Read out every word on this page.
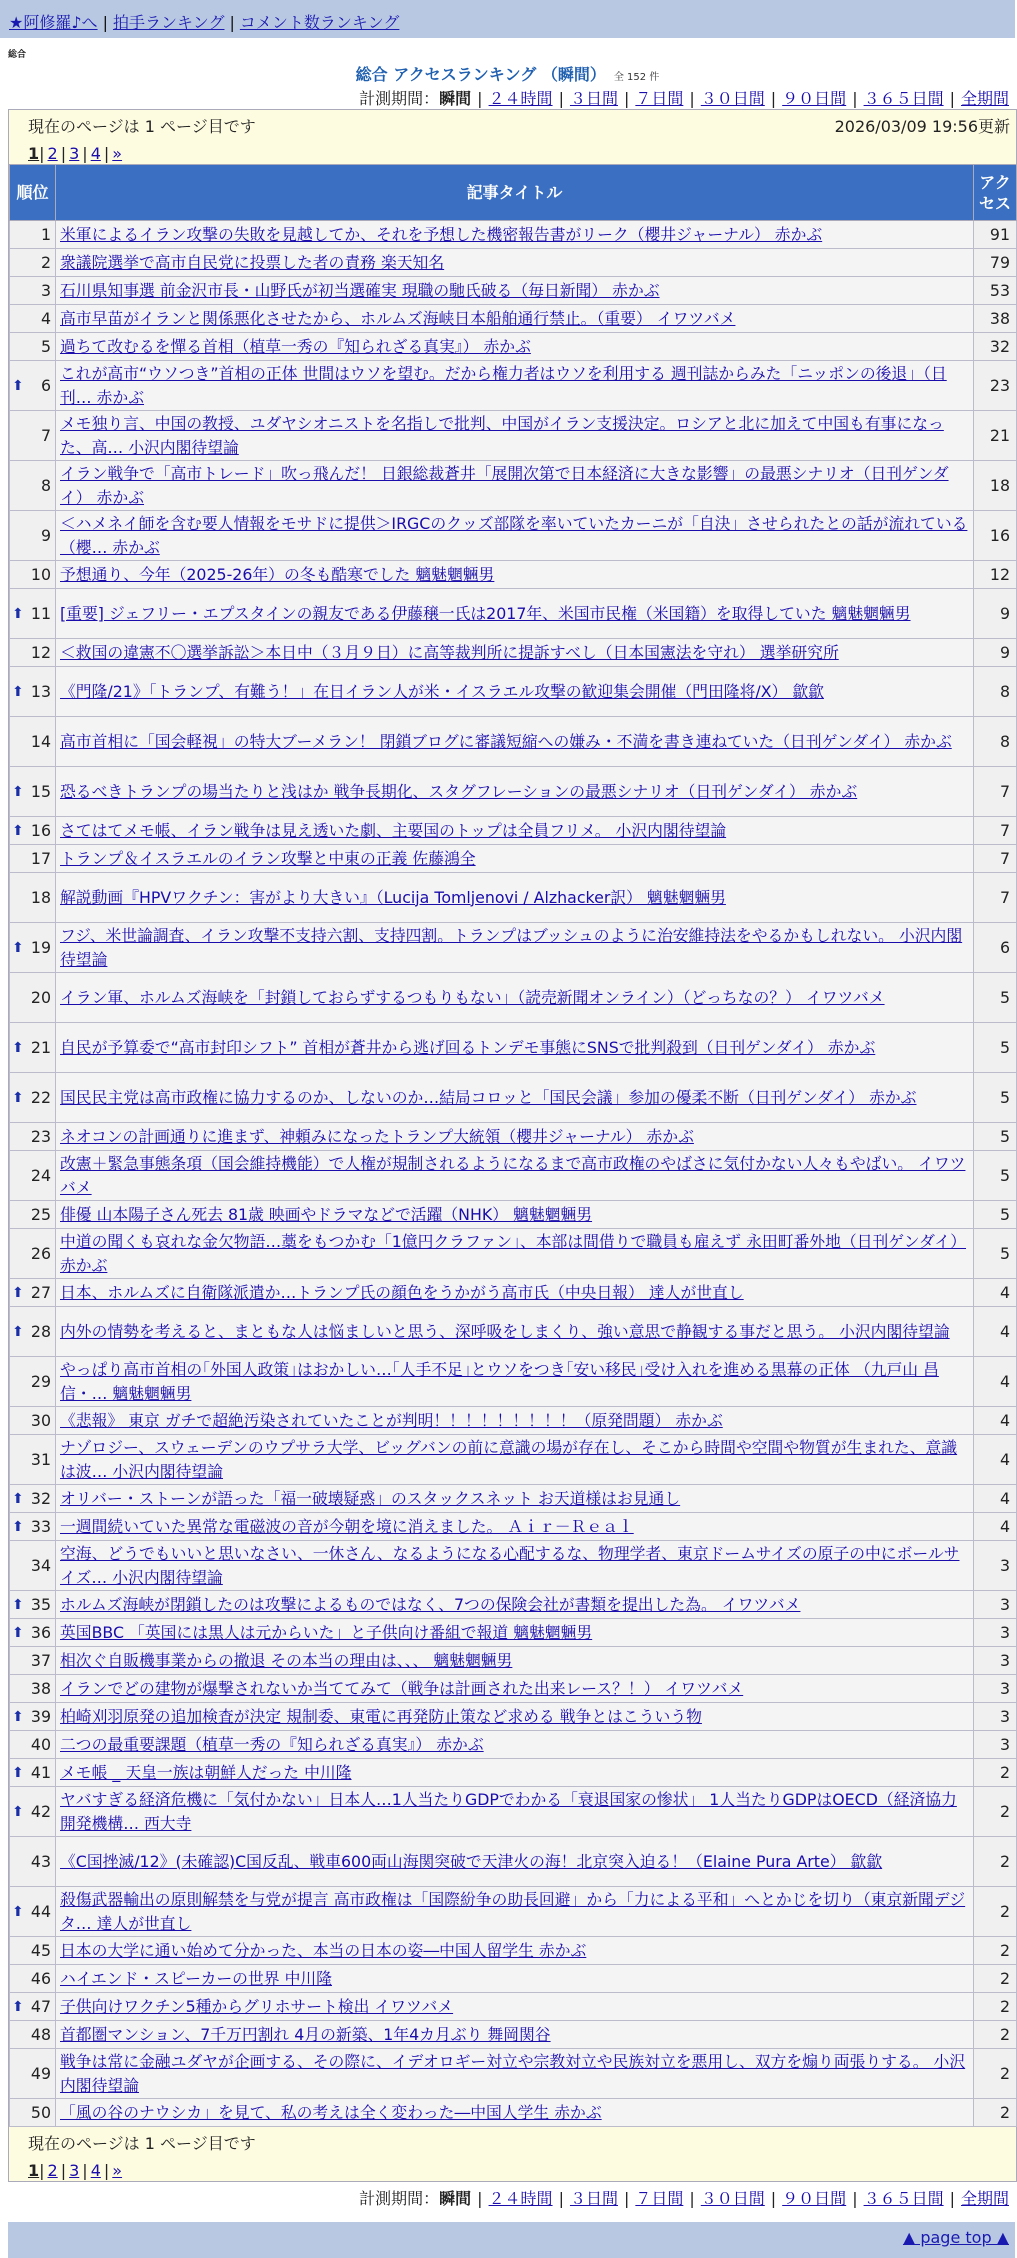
★阿修羅♪へ | 拍手ランキング | コメント数ランキング
総合
総合 アクセスランキング （瞬間） 全 152 件
計測期間：瞬間 | ２４時間 | ３日間 | ７日間 | ３０日間 | ９０日間 | ３６５日間 | 全期間
現在のページは 1 ページ目です	2026/03/09 19:56更新
1| 2 | 3 | 4 | »
順位	記事タイトル	アクセス
1	米軍によるイラン攻撃の失敗を見越してか、それを予想した機密報告書がリーク（櫻井ジャーナル） 赤かぶ	91
2	衆議院選挙で高市自民党に投票した者の責務 楽天知名	79
3	石川県知事選 前金沢市長・山野氏が初当選確実 現職の馳氏破る（毎日新聞） 赤かぶ	53
4	高市早苗がイランと関係悪化させたから、ホルムズ海峡日本船舶通行禁止。（重要） イワツバメ	38
5	過ちて改むるを憚る首相（植草一秀の『知られざる真実』） 赤かぶ	32

⬆ 6	これが高市“ウソつき”首相の正体 世間はウソを望む。だから権力者はウソを利用する 週刊誌からみた「ニッポンの後退」（日刊… 赤かぶ	23
7	メモ独り言、中国の教授、ユダヤシオニストを名指しで批判、中国がイラン支援決定。ロシアと北に加えて中国も有事になった、高… 小沢内閣待望論	21
8	イラン戦争で「高市トレード」吹っ飛んだ！ 日銀総裁蒼井「展開次第で日本経済に大きな影響」の最悪シナリオ（日刊ゲンダイ） 赤かぶ	18
9	＜ハメネイ師を含む要人情報をモサドに提供＞IRGCのクッズ部隊を率いていたカーニが「自決」させられたとの話が流れている（櫻… 赤かぶ	16
10	予想通り、今年（2025-26年）の冬も酷寒でした 魑魅魍魎男	12

⬆ 11	[重要] ジェフリー・エプスタインの親友である伊藤穣一氏は2017年、米国市民権（米国籍）を取得していた 魑魅魍魎男	9
12	＜救国の違憲不〇選挙訴訟＞本日中（３月９日）に高等裁判所に提訴すべし（日本国憲法を守れ） 選挙研究所	9

⬆ 13	《門隆/21》「トランプ、有難う！」在日イラン人が米・イスラエル攻撃の歓迎集会開催（門田隆将/X） 歙歙	8
14	高市首相に「国会軽視」の特大ブーメラン！ 閉鎖ブログに審議短縮への嫌み・不満を書き連ねていた（日刊ゲンダイ） 赤かぶ	8

⬆ 15	恐るべきトランプの場当たりと浅はか 戦争長期化、スタグフレーションの最悪シナリオ（日刊ゲンダイ） 赤かぶ	7

⬆ 16	さてはてメモ帳、イラン戦争は見え透いた劇、主要国のトップは全員フリメ。 小沢内閣待望論	7
17	トランプ＆イスラエルのイラン攻撃と中東の正義 佐藤鴻全	7
18	解説動画『HPVワクチン：害がより大きい』（Lucija Tomljenovi / Alzhacker訳） 魑魅魍魎男	7

⬆ 19	フジ、米世論調査、イラン攻撃不支持六割、支持四割。トランプはブッシュのように治安維持法をやるかもしれない。 小沢内閣待望論	6
20	イラン軍、ホルムズ海峡を「封鎖しておらずするつもりもない」（読売新聞オンライン）（どっちなの？） イワツバメ	5

⬆ 21	自民が予算委で“高市封印シフト” 首相が蒼井から逃げ回るトンデモ事態にSNSで批判殺到（日刊ゲンダイ） 赤かぶ	5

⬆ 22	国民民主党は高市政権に協力するのか、しないのか…結局コロッと「国民会議」参加の優柔不断（日刊ゲンダイ） 赤かぶ	5
23	ネオコンの計画通りに進まず、神頼みになったトランプ大統領（櫻井ジャーナル） 赤かぶ	5
24	改憲＋緊急事態条項（国会維持機能）で人権が規制されるようになるまで高市政権のやばさに気付かない人々もやばい。 イワツバメ	5
25	俳優 山本陽子さん死去 81歳 映画やドラマなどで活躍（NHK） 魑魅魍魎男	5
26	中道の聞くも哀れな金欠物語…藁をもつかむ「1億円クラファン」、本部は間借りで職員も雇えず 永田町番外地（日刊ゲンダイ） 赤かぶ	5

⬆ 27	日本、ホルムズに自衛隊派遣か…トランプ氏の顔色をうかがう高市氏（中央日報） 達人が世直し	4

⬆ 28	内外の情勢を考えると、まともな人は悩ましいと思う、深呼吸をしまくり、強い意思で静観する事だと思う。 小沢内閣待望論	4
29	やっぱり高市首相の｢外国人政策｣はおかしい…｢人手不足｣とウソをつき｢安い移民｣受け入れを進める黒幕の正体 （九戸山 昌信・… 魑魅魍魎男	4
30	《悲報》 東京 ガチで超絶汚染されていたことが判明！！！！！！！！！（原発問題） 赤かぶ	4
31	ナゾロジー、スウェーデンのウプサラ大学、ビッグバンの前に意識の場が存在し、そこから時間や空間や物質が生まれた、意識は波… 小沢内閣待望論	4

⬆ 32	オリバー・ストーンが語った「福一破壊疑惑」のスタックスネット お天道様はお見通し	4

⬆ 33	一週間続いていた異常な電磁波の音が今朝を境に消えました。 Ａｉｒ－Ｒｅａｌ	4
34	空海、どうでもいいと思いなさい、一休さん、なるようになる心配するな、物理学者、東京ドームサイズの原子の中にボールサイズ… 小沢内閣待望論	3

⬆ 35	ホルムズ海峡が閉鎖したのは攻撃によるものではなく、7つの保険会社が書類を提出した為。 イワツバメ	3

⬆ 36	英国BBC 「英国には黒人は元からいた」と子供向け番組で報道 魑魅魍魎男	3
37	相次ぐ自販機事業からの撤退 その本当の理由は、、、 魑魅魍魎男	3
38	イランでどの建物が爆撃されないか当ててみて（戦争は計画された出来レース？！） イワツバメ	3

⬆ 39	柏崎刈羽原発の追加検査が決定 規制委、東電に再発防止策など求める 戦争とはこういう物	3
40	二つの最重要課題（植草一秀の『知られざる真実』） 赤かぶ	3

⬆ 41	メモ帳 _ 天皇一族は朝鮮人だった 中川隆	2

⬆ 42	ヤバすぎる経済危機に「気付かない」日本人…1人当たりGDPでわかる「衰退国家の惨状」 1人当たりGDPはOECD（経済協力開発機構… 西大寺	2
43	《C国挫滅/12》(未確認)C国反乱、戦車600両山海関突破で天津火の海！北京突入迫る！（Elaine Pura Arte） 歙歙	2

⬆ 44	殺傷武器輸出の原則解禁を与党が提言 高市政権は「国際紛争の助長回避」から「力による平和」へとかじを切り（東京新聞デジタ… 達人が世直し	2
45	日本の大学に通い始めて分かった、本当の日本の姿―中国人留学生 赤かぶ	2
46	ハイエンド・スピーカーの世界 中川隆	2

⬆ 47	子供向けワクチン5種からグリホサート検出 イワツバメ	2
48	首都圏マンション、7千万円割れ 4月の新築、1年4カ月ぶり 舞岡関谷	2
49	戦争は常に金融ユダヤが企画する、その際に、イデオロギー対立や宗教対立や民族対立を悪用し、双方を煽り両張りする。 小沢内閣待望論	2
50	「風の谷のナウシカ」を見て、私の考えは全く変わった―中国人学生 赤かぶ	2
現在のページは 1 ページ目です
1| 2 | 3 | 4 | »
計測期間：瞬間 | ２４時間 | ３日間 | ７日間 | ３０日間 | ９０日間 | ３６５日間 | 全期間
▲ page top ▲
